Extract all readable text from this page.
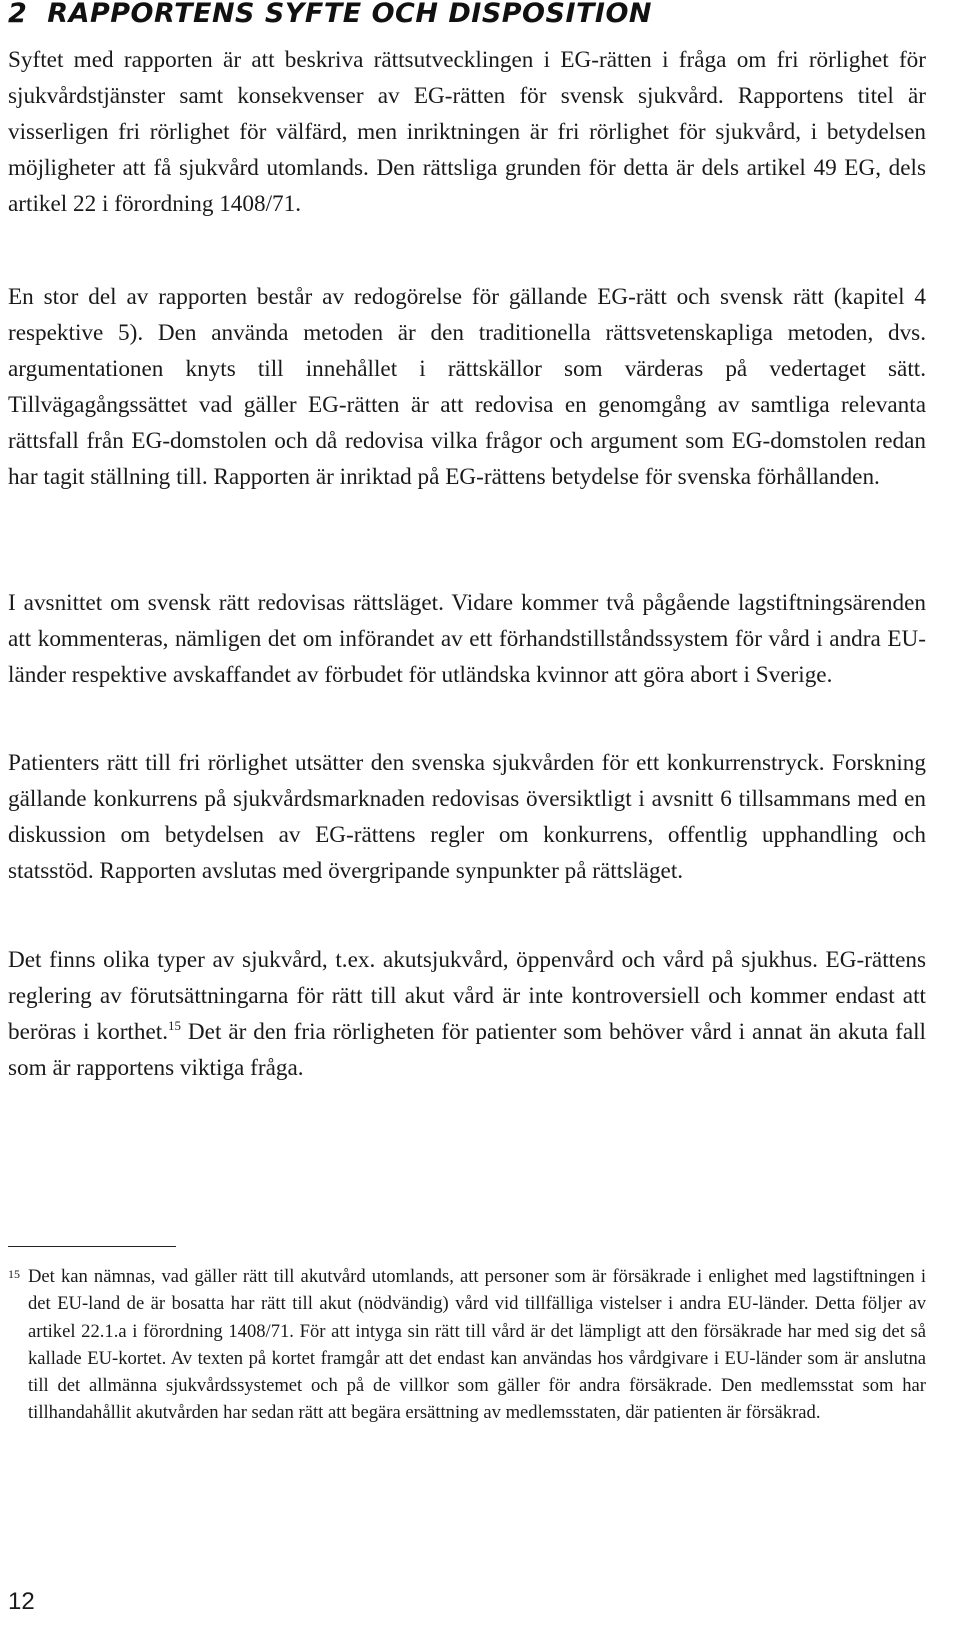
2 RAPPORTENS SYFTE OCH DISPOSITION

Syftet med rapporten är att beskriva rättsutvecklingen i EG-rätten i fråga om fri rörlighet för sjukvårdstjänster samt konsekvenser av EG-rätten för svensk sjukvård. Rapportens titel är visserligen fri rörlighet för välfärd, men inriktningen är fri rörlighet för sjukvård, i betydelsen möjligheter att få sjukvård utomlands. Den rättsliga grunden för detta är dels artikel 49 EG, dels artikel 22 i förordning 1408/71.

En stor del av rapporten består av redogörelse för gällande EG-rätt och svensk rätt (kapitel 4 respektive 5). Den använda metoden är den traditionella rättsvetenskapliga metoden, dvs. argumentationen knyts till innehållet i rättskällor som värderas på vedertaget sätt. Tillvägagångssättet vad gäller EG-rätten är att redovisa en genomgång av samtliga relevanta rättsfall från EG-domstolen och då redovisa vilka frågor och argument som EG-domstolen redan har tagit ställning till. Rapporten är inriktad på EG-rättens betydelse för svenska förhållanden.

I avsnittet om svensk rätt redovisas rättsläget. Vidare kommer två pågående lagstiftningsärenden att kommenteras, nämligen det om införandet av ett förhandstillståndssystem för vård i andra EU-länder respektive avskaffandet av förbudet för utländska kvinnor att göra abort i Sverige.

Patienters rätt till fri rörlighet utsätter den svenska sjukvården för ett konkurrenstryck. Forskning gällande konkurrens på sjukvårdsmarknaden redovisas översiktligt i avsnitt 6 tillsammans med en diskussion om betydelsen av EG-rättens regler om konkurrens, offentlig upphandling och statsstöd. Rapporten avslutas med övergripande synpunkter på rättsläget.

Det finns olika typer av sjukvård, t.ex. akutsjukvård, öppenvård och vård på sjukhus. EG-rättens reglering av förutsättningarna för rätt till akut vård är inte kontroversiell och kommer endast att beröras i korthet.$^{15}$ Det är den fria rörligheten för patienter som behöver vård i annat än akuta fall som är rapportens viktiga fråga.

15 Det kan nämnas, vad gäller rätt till akutvård utomlands, att personer som är försäkrade i enlighet med lagstiftningen i det EU-land de är bosatta har rätt till akut (nödvändig) vård vid tillfälliga vistelser i andra EU-länder. Detta följer av artikel 22.1.a i förordning 1408/71. För att intyga sin rätt till vård är det lämpligt att den försäkrade har med sig det så kallade EU-kortet. Av texten på kortet framgår att det endast kan användas hos vårdgivare i EU-länder som är anslutna till det allmänna sjukvårdssystemet och på de villkor som gäller för andra försäkrade. Den medlemsstat som har tillhandahållit akutvården har sedan rätt att begära ersättning av medlemsstaten, där patienten är försäkrad.

12
